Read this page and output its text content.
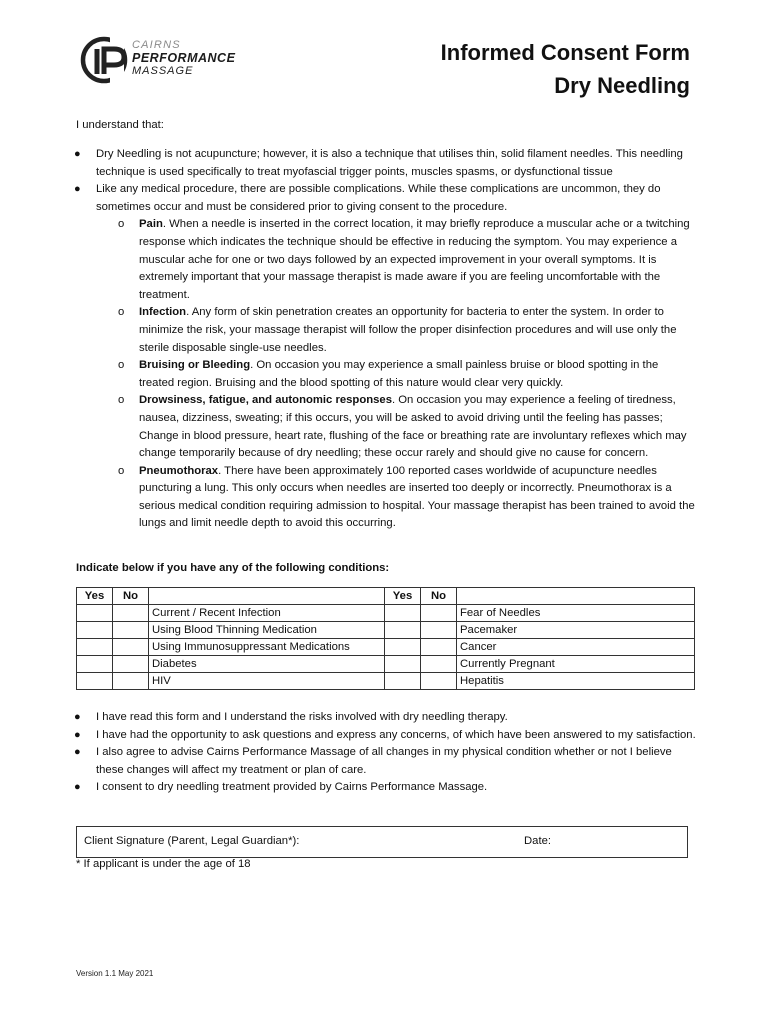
CAIRNS
PERFORMANCE
MASSAGE
Informed Consent Form
Dry Needling
I understand that:
● Dry Needling is not acupuncture; however, it is also a technique that utilises thin, solid filament needles. This needling technique is used specifically to treat myofascial trigger points, muscles spasms, or dysfunctional tissue
● Like any medical procedure, there are possible complications. While these complications are uncommon, they do sometimes occur and must be considered prior to giving consent to the procedure.
o Pain. When a needle is inserted in the correct location, it may briefly reproduce a muscular ache or a twitching response which indicates the technique should be effective in reducing the symptom. You may experience a muscular ache for one or two days followed by an expected improvement in your overall symptoms. It is extremely important that your massage therapist is made aware if you are feeling uncomfortable with the treatment.
o Infection. Any form of skin penetration creates an opportunity for bacteria to enter the system. In order to minimize the risk, your massage therapist will follow the proper disinfection procedures and will use only the sterile disposable single-use needles.
o Bruising or Bleeding. On occasion you may experience a small painless bruise or blood spotting in the treated region. Bruising and the blood spotting of this nature would clear very quickly.
o Drowsiness, fatigue, and autonomic responses. On occasion you may experience a feeling of tiredness, nausea, dizziness, sweating; if this occurs, you will be asked to avoid driving until the feeling has passes; Change in blood pressure, heart rate, flushing of the face or breathing rate are involuntary reflexes which may change temporarily because of dry needling; these occur rarely and should give no cause for concern.
o Pneumothorax. There have been approximately 100 reported cases worldwide of acupuncture needles puncturing a lung. This only occurs when needles are inserted too deeply or incorrectly. Pneumothorax is a serious medical condition requiring admission to hospital. Your massage therapist has been trained to avoid the lungs and limit needle depth to avoid this occurring.
Indicate below if you have any of the following conditions:
Yes	No		Yes	No	
		Current / Recent Infection			Fear of Needles
		Using Blood Thinning Medication			Pacemaker
		Using Immunosuppressant Medications			Cancer
		Diabetes			Currently Pregnant
		HIV			Hepatitis
● I have read this form and I understand the risks involved with dry needling therapy.
● I have had the opportunity to ask questions and express any concerns, of which have been answered to my satisfaction.
● I also agree to advise Cairns Performance Massage of all changes in my physical condition whether or not I believe these changes will affect my treatment or plan of care.
● I consent to dry needling treatment provided by Cairns Performance Massage.
Client Signature (Parent, Legal Guardian*):	Date:
* If applicant is under the age of 18
Version 1.1 May 2021
